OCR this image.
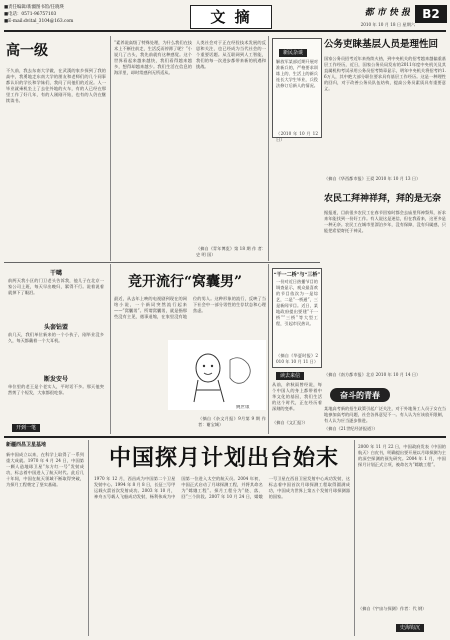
■责任编辑/新疆图书馆/任晓瑛
■电话：0571-96757103
■E-mail:dvital_3104@163.com	文 摘	都 市 快 报	B2
2010 年 10 月 18 日 星期六
高一级
不久前，我去东南大学做，在武漢的家乡探到了我的高中，我勇地走东南大学的朋友和老师们的几个同事都认识的学长和学妹们，我问了问他们的近况。人一毕业就乘机坐上了去往外地的火车，有的人已经在那里工作了好几年，有的人刚刚开始，也有的人仍在继续读书。
“素养说高级了特殊处理，为什么我们在技术上不断往前走，生活反而停滞了呢？”小说几了古头，我先前就有这种感觉。这个世界看起来越来越快，我们看得越来越多，想得却越来越少。我们生活在信息的海洋里，却时常感到无所适从。
人类社会对于正在经验技术发展的反思和关注，也已经成为当代社会的一个重要话题。从互联网到人工智能，我们的每一次进步都带来新的机遇和挑战。
（摘自《青年博览》第 18 期 作 者：史 明 国）
新民杂谈
解放军某部近期开展对准新兵的，严格要求训练上的、生活上的新兵连长大学生毕业，兵役法修订后新人的情况。
（2010 年 10 月 12 日）
公务吏睐基层人员是理性回
国家公务员招考近年来持续火热，到中央机关的招考越来越偏重基层工作经历，近日，国家公务员局发布的2011年度中央机关及其直属机构考试录用公务员招考简章显示，明年中央机关将招考约1.6万人，其中绝大部分职位要求具有基层工作经历。这是一种理性的回归，对于改善公务员队伍结构，提高公务员素质具有重要意义。
（摘自《华西都市报》王爱 2010 年 10 月 13 日）
农民工拜神祥拜，拜的是无奈
据报道，目前很多农民工在春节回家时都会去庙里拜神祭拜，祈求来年能找到一份好工作。有人说这是迷信，但在我看来，这更多是一种无奈。农民工在城市里漂泊多年，没有保障，没有归属感，只能把希望寄托于神灵。
（摘自《南方都市报》北京 2010 年 10 月 14 日）
干噶
前两天我小区的门卫老头告诉我，他儿子在北京一家公司上班，每天早出晚归，累得不行。说着说着就掉下了眼泪。
头套钻盟
前几天，我们单位新来的一个小伙子，刚毕业没多久，每天都戴着一个大耳机。
断发安号
单位里的老王是个老实人，平时话不多。那天他突然剪了个短发，大家都很吃惊。
开到一笔
竞开流行“窝囊男”
最近，从去年上映的电视剧到现在的网络小说，一个新词突然流行起来——“窝囊男”。所谓窝囊男，就是指那些没有主见，遇事退缩，在家里没有地位的男人。这种形象的流行，反映了当下社会中一部分男性的生存状态和心理焦虑。
（摘自《杂文月报》9月第 9 期 作者：谢宝城）
姚世康
“干一二桥”与“三桥”
一份对近日热播节目的调查显示，观众最喜欢的节目依次为一是综艺，二是“一桥通”，三是新闻节目。近日，某地政府提出要建“干一桥”“三桥”等大型工程，引起市民热议。
（摘自《华夏时报》2010 年 10 月 11 日）
读去来信
从前，余秋雨曾经说，每个中国人的身上都带着中华文化的基因，我们生活的这个时代，正在经历着深刻的变革。
（摘自《文汇报》）
奋斗的青春
某地高考新的招生政策引起广泛关注，对于外地务工人员子女在当地参加高考的问题，社会各界意见不一。有人认为应该放开限制，有人认为应当逐步推进。
（摘自《21世纪经济报道》）
新疆西昌卫星基地
新中国成立以来，在科学上取得了一系列重大成就。1970 年 4 月 24 日，中国第一颗人造地球卫星“东方红一号”发射成功，标志着中国进入了航天时代。此后几十年间，中国在航天领域不断取得突破，为探月工程奠定了坚实基础。
中国探月计划出台始末
1970 年 12 月，西昌成为中国第二个卫星发射中心。1994 年 8 月 8 日，长征三号甲运载火箭首次发射成功。2003 年 10 月，神舟五号载人飞船成功发射，杨利伟成为中国第一位进入太空的航天员。2004 年初，中国正式启动了月球探测工程，并将其命名为“嫦娥工程”。探月工程分为“绕、落、回”三个阶段。2007 年 10 月 24 日，嫦娥一号卫星在西昌卫星发射中心成功发射，这标志着中国首次月球探测工程取得圆满成功，中国成为世界上第五个发射月球探测器的国家。
2000 年 11 月 22 日，中国政府发表《中国的航天》白皮书，明确提出要开展以月球探测为主的深空探测的预先研究。2004 年 1 月，中国探月计划正式立项，被命名为“嫦娥工程”。
（摘自《宇宙与探测》作者：代 钢）
史海钩沉
